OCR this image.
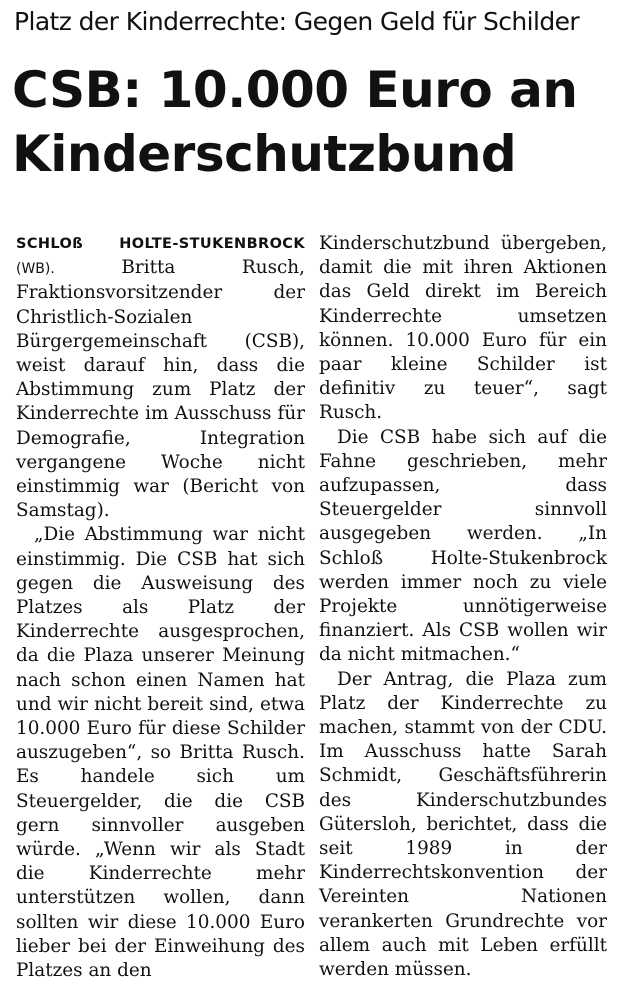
Platz der Kinderrechte: Gegen Geld für Schilder
CSB: 10.000 Euro an Kinderschutzbund
SCHLOß HOLTE-STUKENBROCK

(WB).	Britta Rusch, Fraktionsvorsitzender der Christlich-Sozialen Bürgergemeinschaft (CSB), weist darauf hin, dass die Abstimmung zum Platz der Kinderrechte im Ausschuss für Demografie, Integration vergangene Woche nicht einstimmig war (Bericht von Samstag).

„Die Abstimmung war nicht einstimmig. Die CSB hat sich gegen die Ausweisung des Platzes als Platz der Kinderrechte ausgesprochen, da die Plaza unserer Meinung nach schon einen Namen hat und wir nicht bereit sind, etwa 10.000 Euro für diese Schilder auszugeben“, so Britta Rusch. Es handele sich um Steuergelder, die die CSB gern sinnvoller ausgeben würde. „Wenn wir als Stadt die Kinderrechte mehr unterstützen wollen, dann sollten wir diese 10.000 Euro lieber bei der Einweihung des Platzes an den

Kinderschutzbund übergeben, damit die mit ihren Aktionen das Geld direkt im Bereich Kinderrechte umsetzen können. 10.000 Euro für ein paar kleine Schilder ist definitiv zu teuer“, sagt Rusch.

Die CSB habe sich auf die Fahne geschrieben, mehr aufzupassen, dass Steuergelder sinnvoll ausgegeben werden. „In Schloß Holte-Stukenbrock werden immer noch zu viele Projekte unnötigerweise finanziert. Als CSB wollen wir da nicht mitmachen.“

Der Antrag, die Plaza zum Platz der Kinderrechte zu machen, stammt von der CDU. Im Ausschuss hatte Sarah Schmidt, Geschäftsführerin des Kinderschutzbundes Gütersloh, berichtet, dass die seit 1989 in der Kinderrechtskonvention der Vereinten Nationen verankerten Grundrechte vor allem auch mit Leben erfüllt werden müssen.
